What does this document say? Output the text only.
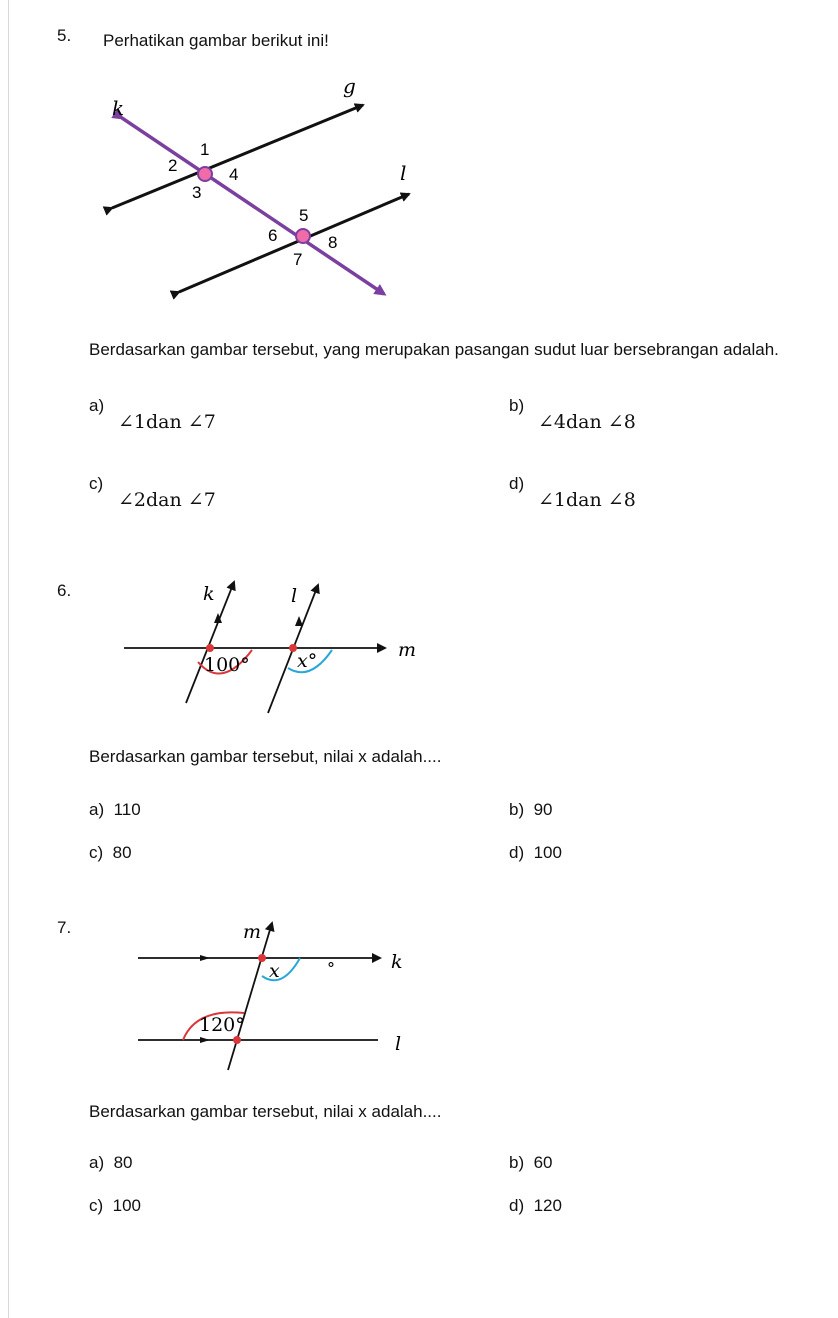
5. Perhatikan gambar berikut ini!
g
k
l
1
2	4
3
5
6	8
7
Berdasarkan gambar tersebut, yang merupakan pasangan sudut luar bersebrangan adalah.
a)
∠1dan ∠7
b)
∠4dan ∠8
c)
∠2dan ∠7
d)
∠1dan ∠8
6.	k	l
m
100° x°
Berdasarkan gambar tersebut, nilai x adalah....
a) 110	b) 90
c) 80	d) 100
7.	m
k
l
x	°
120°
Berdasarkan gambar tersebut, nilai x adalah....
a) 80	b) 60
c) 100	d) 120
